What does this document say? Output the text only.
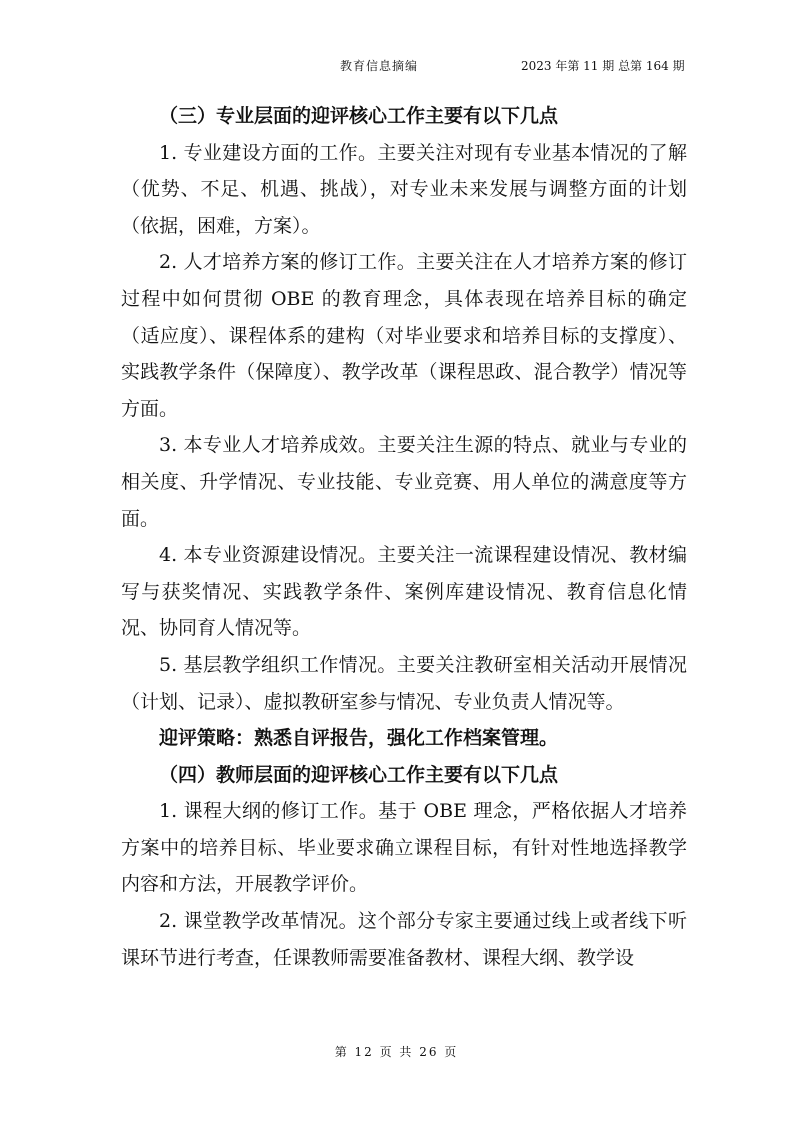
教育信息摘编	2023 年第 11 期 总第 164 期

（三）专业层面的迎评核心工作主要有以下几点

1. 专业建设方面的工作。主要关注对现有专业基本情况的了解（优势、不足、机遇、挑战），对专业未来发展与调整方面的计划（依据，困难，方案）。

2. 人才培养方案的修订工作。主要关注在人才培养方案的修订过程中如何贯彻 OBE 的教育理念，具体表现在培养目标的确定（适应度）、课程体系的建构（对毕业要求和培养目标的支撑度）、实践教学条件（保障度）、教学改革（课程思政、混合教学）情况等方面。

3. 本专业人才培养成效。主要关注生源的特点、就业与专业的相关度、升学情况、专业技能、专业竞赛、用人单位的满意度等方面。

4. 本专业资源建设情况。主要关注一流课程建设情况、教材编写与获奖情况、实践教学条件、案例库建设情况、教育信息化情况、协同育人情况等。

5. 基层教学组织工作情况。主要关注教研室相关活动开展情况（计划、记录）、虚拟教研室参与情况、专业负责人情况等。

迎评策略：熟悉自评报告，强化工作档案管理。

（四）教师层面的迎评核心工作主要有以下几点

1. 课程大纲的修订工作。基于 OBE 理念，严格依据人才培养方案中的培养目标、毕业要求确立课程目标，有针对性地选择教学内容和方法，开展教学评价。

2. 课堂教学改革情况。这个部分专家主要通过线上或者线下听课环节进行考查，任课教师需要准备教材、课程大纲、教学设

第 12 页 共 26 页
